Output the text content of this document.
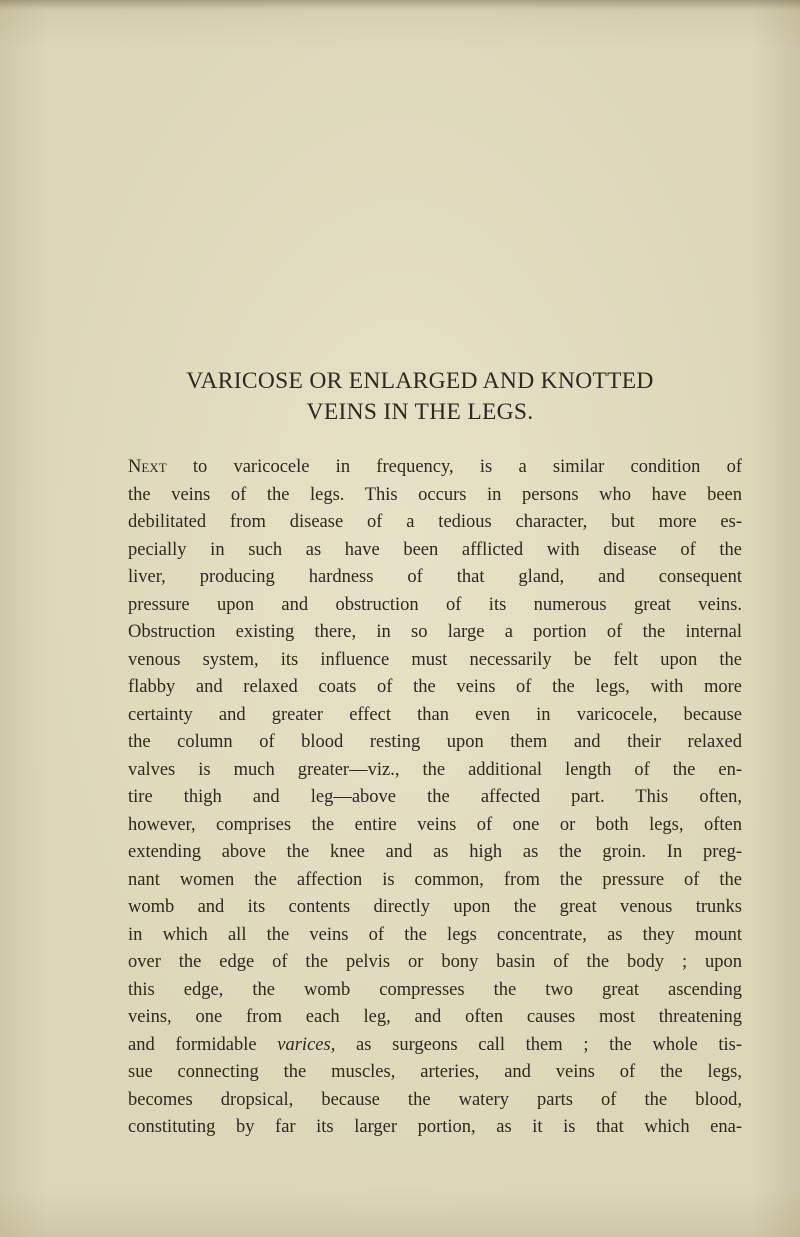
VARICOSE OR ENLARGED AND KNOTTED
VEINS IN THE LEGS.
Next to varicocele in frequency, is a similar condition of
the veins of the legs. This occurs in persons who have been
debilitated from disease of a tedious character, but more es-
pecially in such as have been afflicted with disease of the
liver, producing hardness of that gland, and consequent
pressure upon and obstruction of its numerous great veins.
Obstruction existing there, in so large a portion of the internal
venous system, its influence must necessarily be felt upon the
flabby and relaxed coats of the veins of the legs, with more
certainty and greater effect than even in varicocele, because
the column of blood resting upon them and their relaxed
valves is much greater—viz., the additional length of the en-
tire thigh and leg—above the affected part. This often,
however, comprises the entire veins of one or both legs, often
extending above the knee and as high as the groin. In preg-
nant women the affection is common, from the pressure of the
womb and its contents directly upon the great venous trunks
in which all the veins of the legs concentrate, as they mount
over the edge of the pelvis or bony basin of the body ; upon
this edge, the womb compresses the two great ascending
veins, one from each leg, and often causes most threatening
and formidable varices, as surgeons call them ; the whole tis-
sue connecting the muscles, arteries, and veins of the legs,
becomes dropsical, because the watery parts of the blood,
constituting by far its larger portion, as it is that which ena-
